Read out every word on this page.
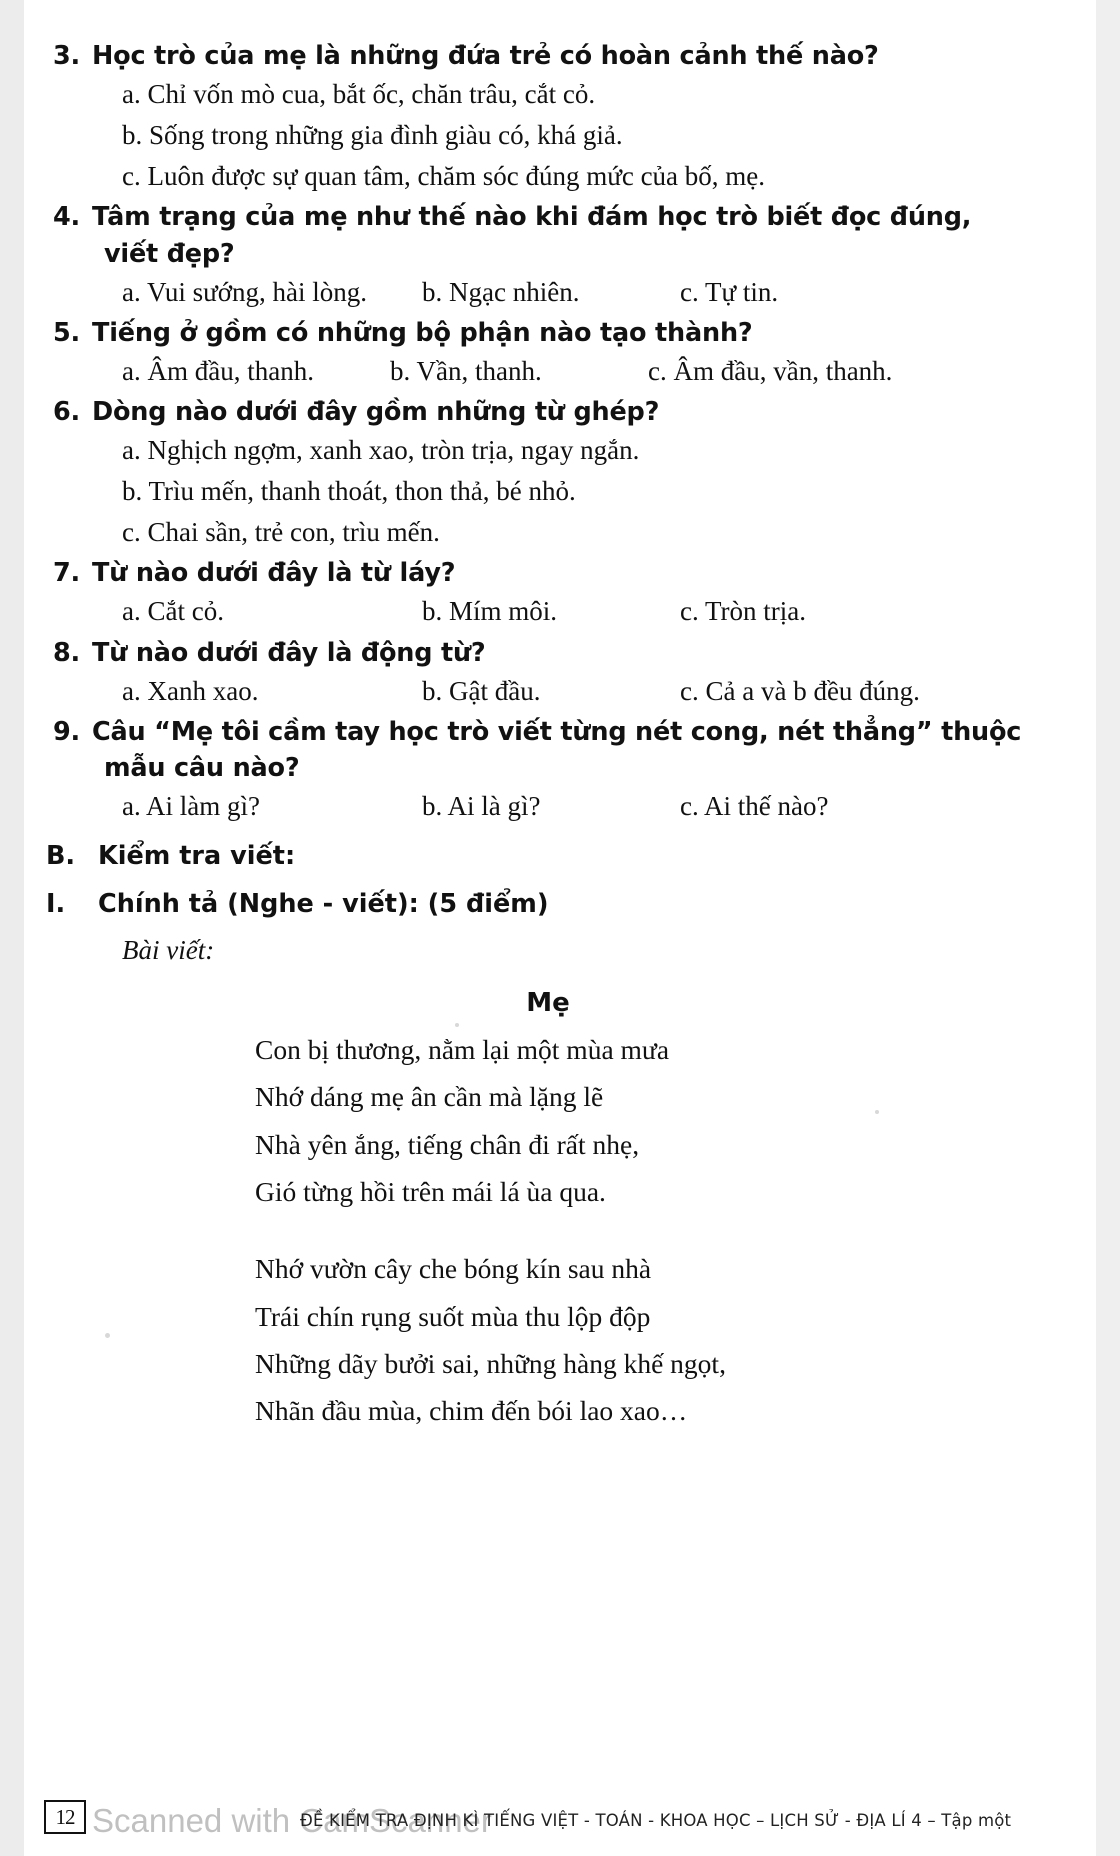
3. Học trò của mẹ là những đứa trẻ có hoàn cảnh thế nào?
a. Chỉ vốn mò cua, bắt ốc, chăn trâu, cắt cỏ.
b. Sống trong những gia đình giàu có, khá giả.
c. Luôn được sự quan tâm, chăm sóc đúng mức của bố, mẹ.
4. Tâm trạng của mẹ như thế nào khi đám học trò biết đọc đúng,
viết đẹp?
a. Vui sướng, hài lòng.	b. Ngạc nhiên.	c. Tự tin.
5. Tiếng ở gồm có những bộ phận nào tạo thành?
a. Âm đầu, thanh.	b. Vần, thanh.	c. Âm đầu, vần, thanh.
6. Dòng nào dưới đây gồm những từ ghép?
a. Nghịch ngợm, xanh xao, tròn trịa, ngay ngắn.
b. Trìu mến, thanh thoát, thon thả, bé nhỏ.
c. Chai sần, trẻ con, trìu mến.
7. Từ nào dưới đây là từ láy?
a. Cắt cỏ.	b. Mím môi.	c. Tròn trịa.
8. Từ nào dưới đây là động từ?
a. Xanh xao.	b. Gật đầu.	c. Cả a và b đều đúng.
9. Câu “Mẹ tôi cầm tay học trò viết từng nét cong, nét thẳng” thuộc
mẫu câu nào?
a. Ai làm gì?	b. Ai là gì?	c. Ai thế nào?
B. Kiểm tra viết:
I.	Chính tả (Nghe - viết): (5 điểm)
Bài viết:
Mẹ
Con bị thương, nằm lại một mùa mưa
Nhớ dáng mẹ ân cần mà lặng lẽ
Nhà yên ắng, tiếng chân đi rất nhẹ,
Gió từng hồi trên mái lá ùa qua.
Nhớ vườn cây che bóng kín sau nhà
Trái chín rụng suốt mùa thu lộp độp
Những dãy bưởi sai, những hàng khế ngọt,
Nhãn đầu mùa, chim đến bói lao xao…
12 Scanned with CamScanner
ĐỀ KIỂM TRA ĐỊNH KÌ TIẾNG VIỆT - TOÁN - KHOA HỌC – LỊCH SỬ - ĐỊA LÍ 4 – Tập một
